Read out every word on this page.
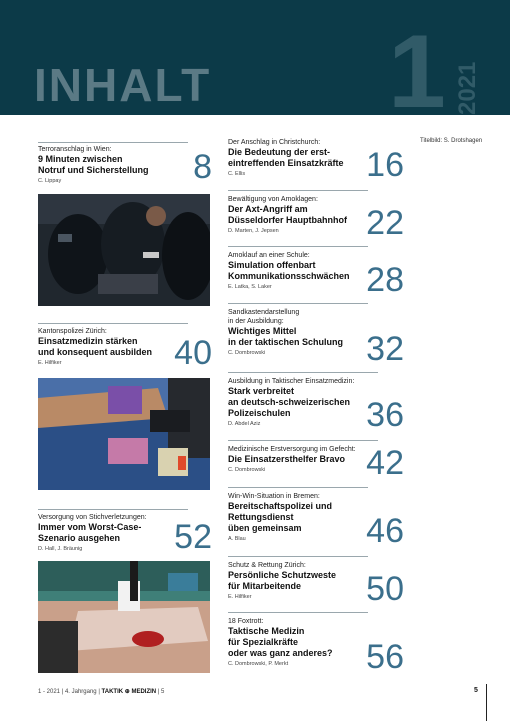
INHALT 1 2021
Titelbild: S. Drotshagen
Terroranschlag in Wien:
9 Minuten zwischen
Notruf und Sicherstellung
C. Lippay	8
Kantonspolizei Zürich:
Einsatzmedizin stärken
und konsequent ausbilden
E. Hilfiker	40
Versorgung von Stichverletzungen:
Immer vom Worst-Case-
Szenario ausgehen
D. Hall, J. Bräunig	52
Der Anschlag in Christchurch:
Die Bedeutung der erst-
eintreffenden Einsatzkräfte
C. Ellis	16
Bewältigung von Amoklagen:
Der Axt-Angriff am
Düsseldorfer Hauptbahnhof
D. Marten, J. Jepsen	22
Amoklauf an einer Schule:
Simulation offenbart
Kommunikationsschwächen
E. Latka, S. Laker	28
Sandkastendarstellung
in der Ausbildung:
Wichtiges Mittel
in der taktischen Schulung
C. Dombrowski	32
Ausbildung in Taktischer Einsatzmedizin:
Stark verbreitet
an deutsch-schweizerischen
Polizeischulen
D. Abdel Aziz	36
Medizinische Erstversorgung im Gefecht:
Die Einsatzersthelfer Bravo
C. Dombrowski	42
Win-Win-Situation in Bremen:
Bereitschaftspolizei und
Rettungsdienst
üben gemeinsam
A. Blau	46
Schutz & Rettung Zürich:
Persönliche Schutzweste
für Mitarbeitende
E. Hilfiker	50
18 Foxtrott:
Taktische Medizin
für Spezialkräfte
oder was ganz anderes?
C. Dombrowski, P. Merkt	56
1 - 2021 | 4. Jahrgang | TAKTIK ⊕ MEDIZIN | 5	5
